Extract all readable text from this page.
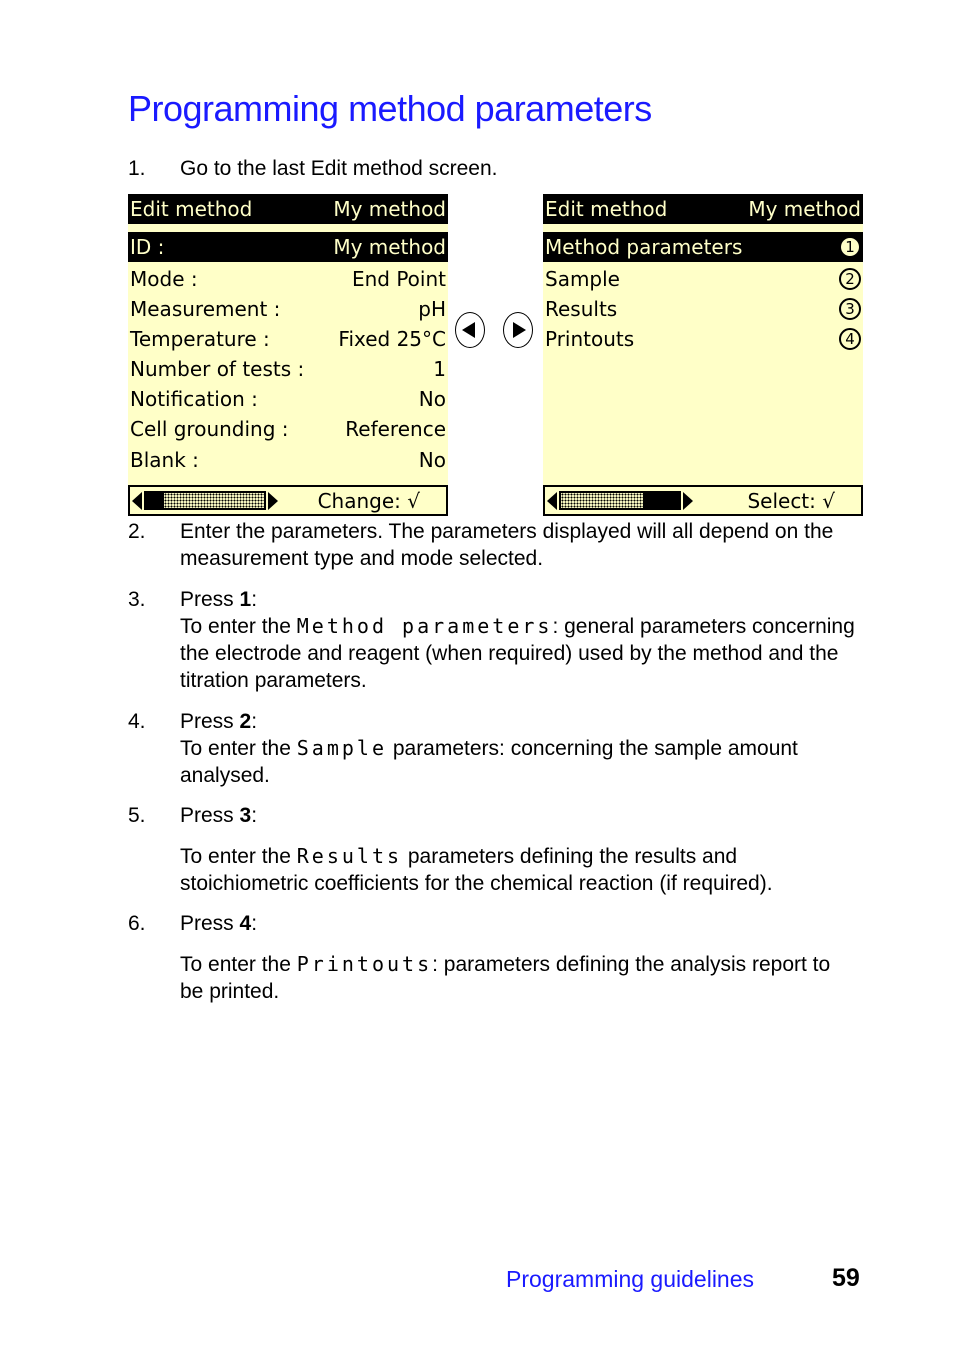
Programming method parameters
1. Go to the last Edit method screen.
Edit method	My method
ID :	My method
Mode :	End Point
Measurement :	pH
Temperature :	Fixed 25°C
Number of tests :	1
Notification :	No
Cell grounding :	Reference
Blank :	No
Change: √
Edit method	My method
Method parameters	1
Sample	2
Results	3
Printouts	4
Select: √
2. Enter the parameters. The parameters displayed will all depend on the measurement type and mode selected.
3. Press 1:
To enter the Method parameters: general parameters concerning the electrode and reagent (when required) used by the method and the titration parameters.
4. Press 2:
To enter the Sample parameters: concerning the sample amount analysed.
5. Press 3:
To enter the Results parameters defining the results and stoichiometric coefficients for the chemical reaction (if required).
6. Press 4:
To enter the Printouts: parameters defining the analysis report to be printed.
Programming guidelines	59
